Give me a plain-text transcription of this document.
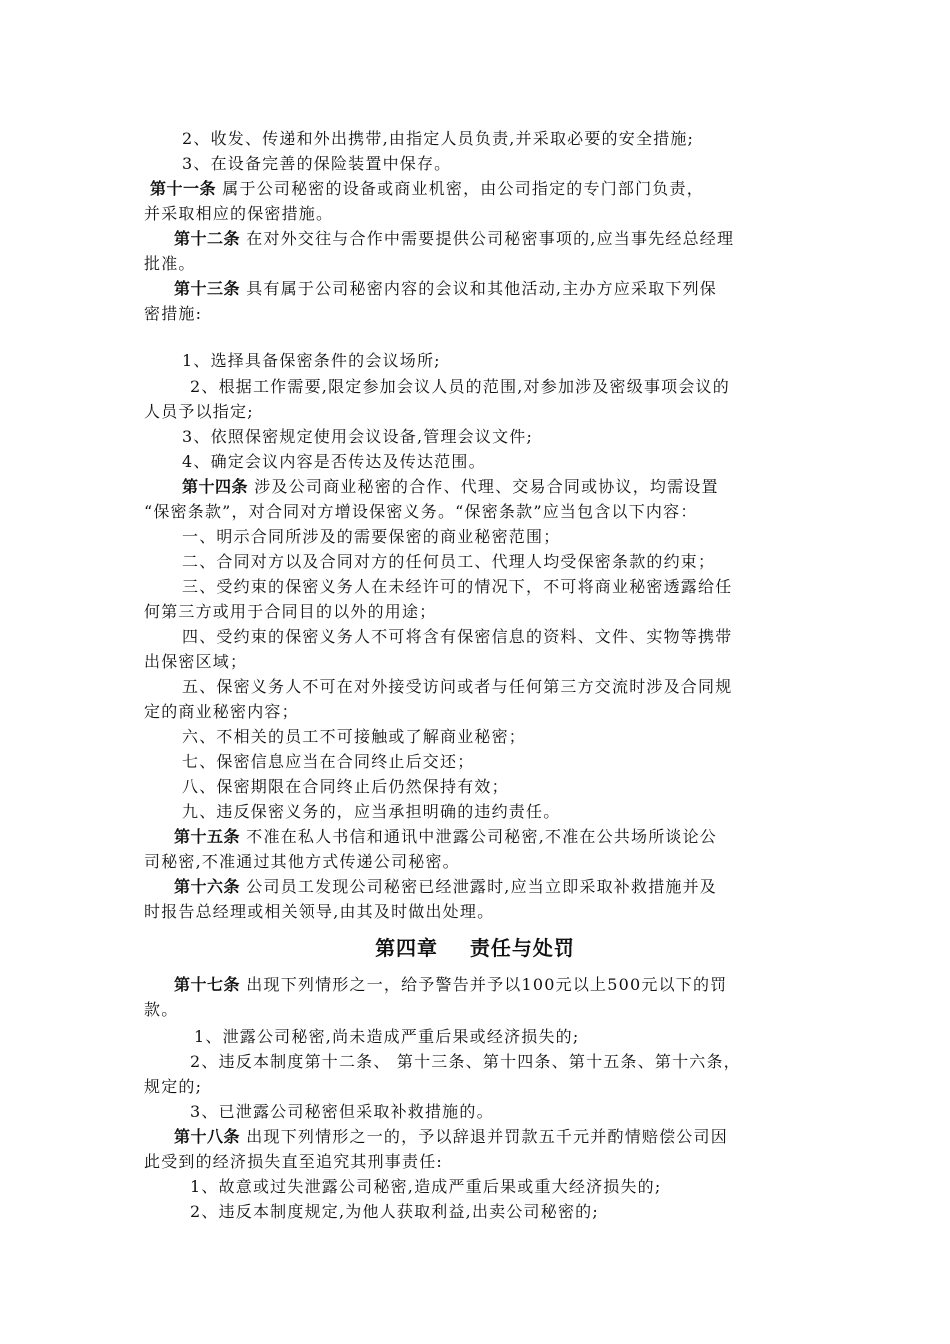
2、收发、传递和外出携带,由指定人员负责,并采取必要的安全措施;
3、在设备完善的保险装置中保存。
第十一条 属于公司秘密的设备或商业机密，由公司指定的专门部门负责，
并采取相应的保密措施。
第十二条 在对外交往与合作中需要提供公司秘密事项的,应当事先经总经理
批准。
第十三条 具有属于公司秘密内容的会议和其他活动,主办方应采取下列保
密措施:
1、选择具备保密条件的会议场所;
2、根据工作需要,限定参加会议人员的范围,对参加涉及密级事项会议的
人员予以指定;
3、依照保密规定使用会议设备,管理会议文件;
4、确定会议内容是否传达及传达范围。
第十四条 涉及公司商业秘密的合作、代理、交易合同或协议，均需设置
“保密条款”，对合同对方增设保密义务。“保密条款”应当包含以下内容：
一、明示合同所涉及的需要保密的商业秘密范围；
二、合同对方以及合同对方的任何员工、代理人均受保密条款的约束；
三、受约束的保密义务人在未经许可的情况下，不可将商业秘密透露给任
何第三方或用于合同目的以外的用途；
四、受约束的保密义务人不可将含有保密信息的资料、文件、实物等携带
出保密区域；
五、保密义务人不可在对外接受访问或者与任何第三方交流时涉及合同规
定的商业秘密内容；
六、不相关的员工不可接触或了解商业秘密；
七、保密信息应当在合同终止后交还；
八、保密期限在合同终止后仍然保持有效；
九、违反保密义务的，应当承担明确的违约责任。
第十五条 不准在私人书信和通讯中泄露公司秘密,不准在公共场所谈论公
司秘密,不准通过其他方式传递公司秘密。
第十六条 公司员工发现公司秘密已经泄露时,应当立即采取补救措施并及
时报告总经理或相关领导,由其及时做出处理。
第四章    责任与处罚
第十七条 出现下列情形之一，给予警告并予以100元以上500元以下的罚
款。
1、泄露公司秘密,尚未造成严重后果或经济损失的;
2、违反本制度第十二条、 第十三条、第十四条、第十五条、第十六条，
规定的;
3、已泄露公司秘密但采取补救措施的。
第十八条 出现下列情形之一的，予以辞退并罚款五千元并酌情赔偿公司因
此受到的经济损失直至追究其刑事责任:
1、故意或过失泄露公司秘密,造成严重后果或重大经济损失的;
2、违反本制度规定,为他人获取利益,出卖公司秘密的;
